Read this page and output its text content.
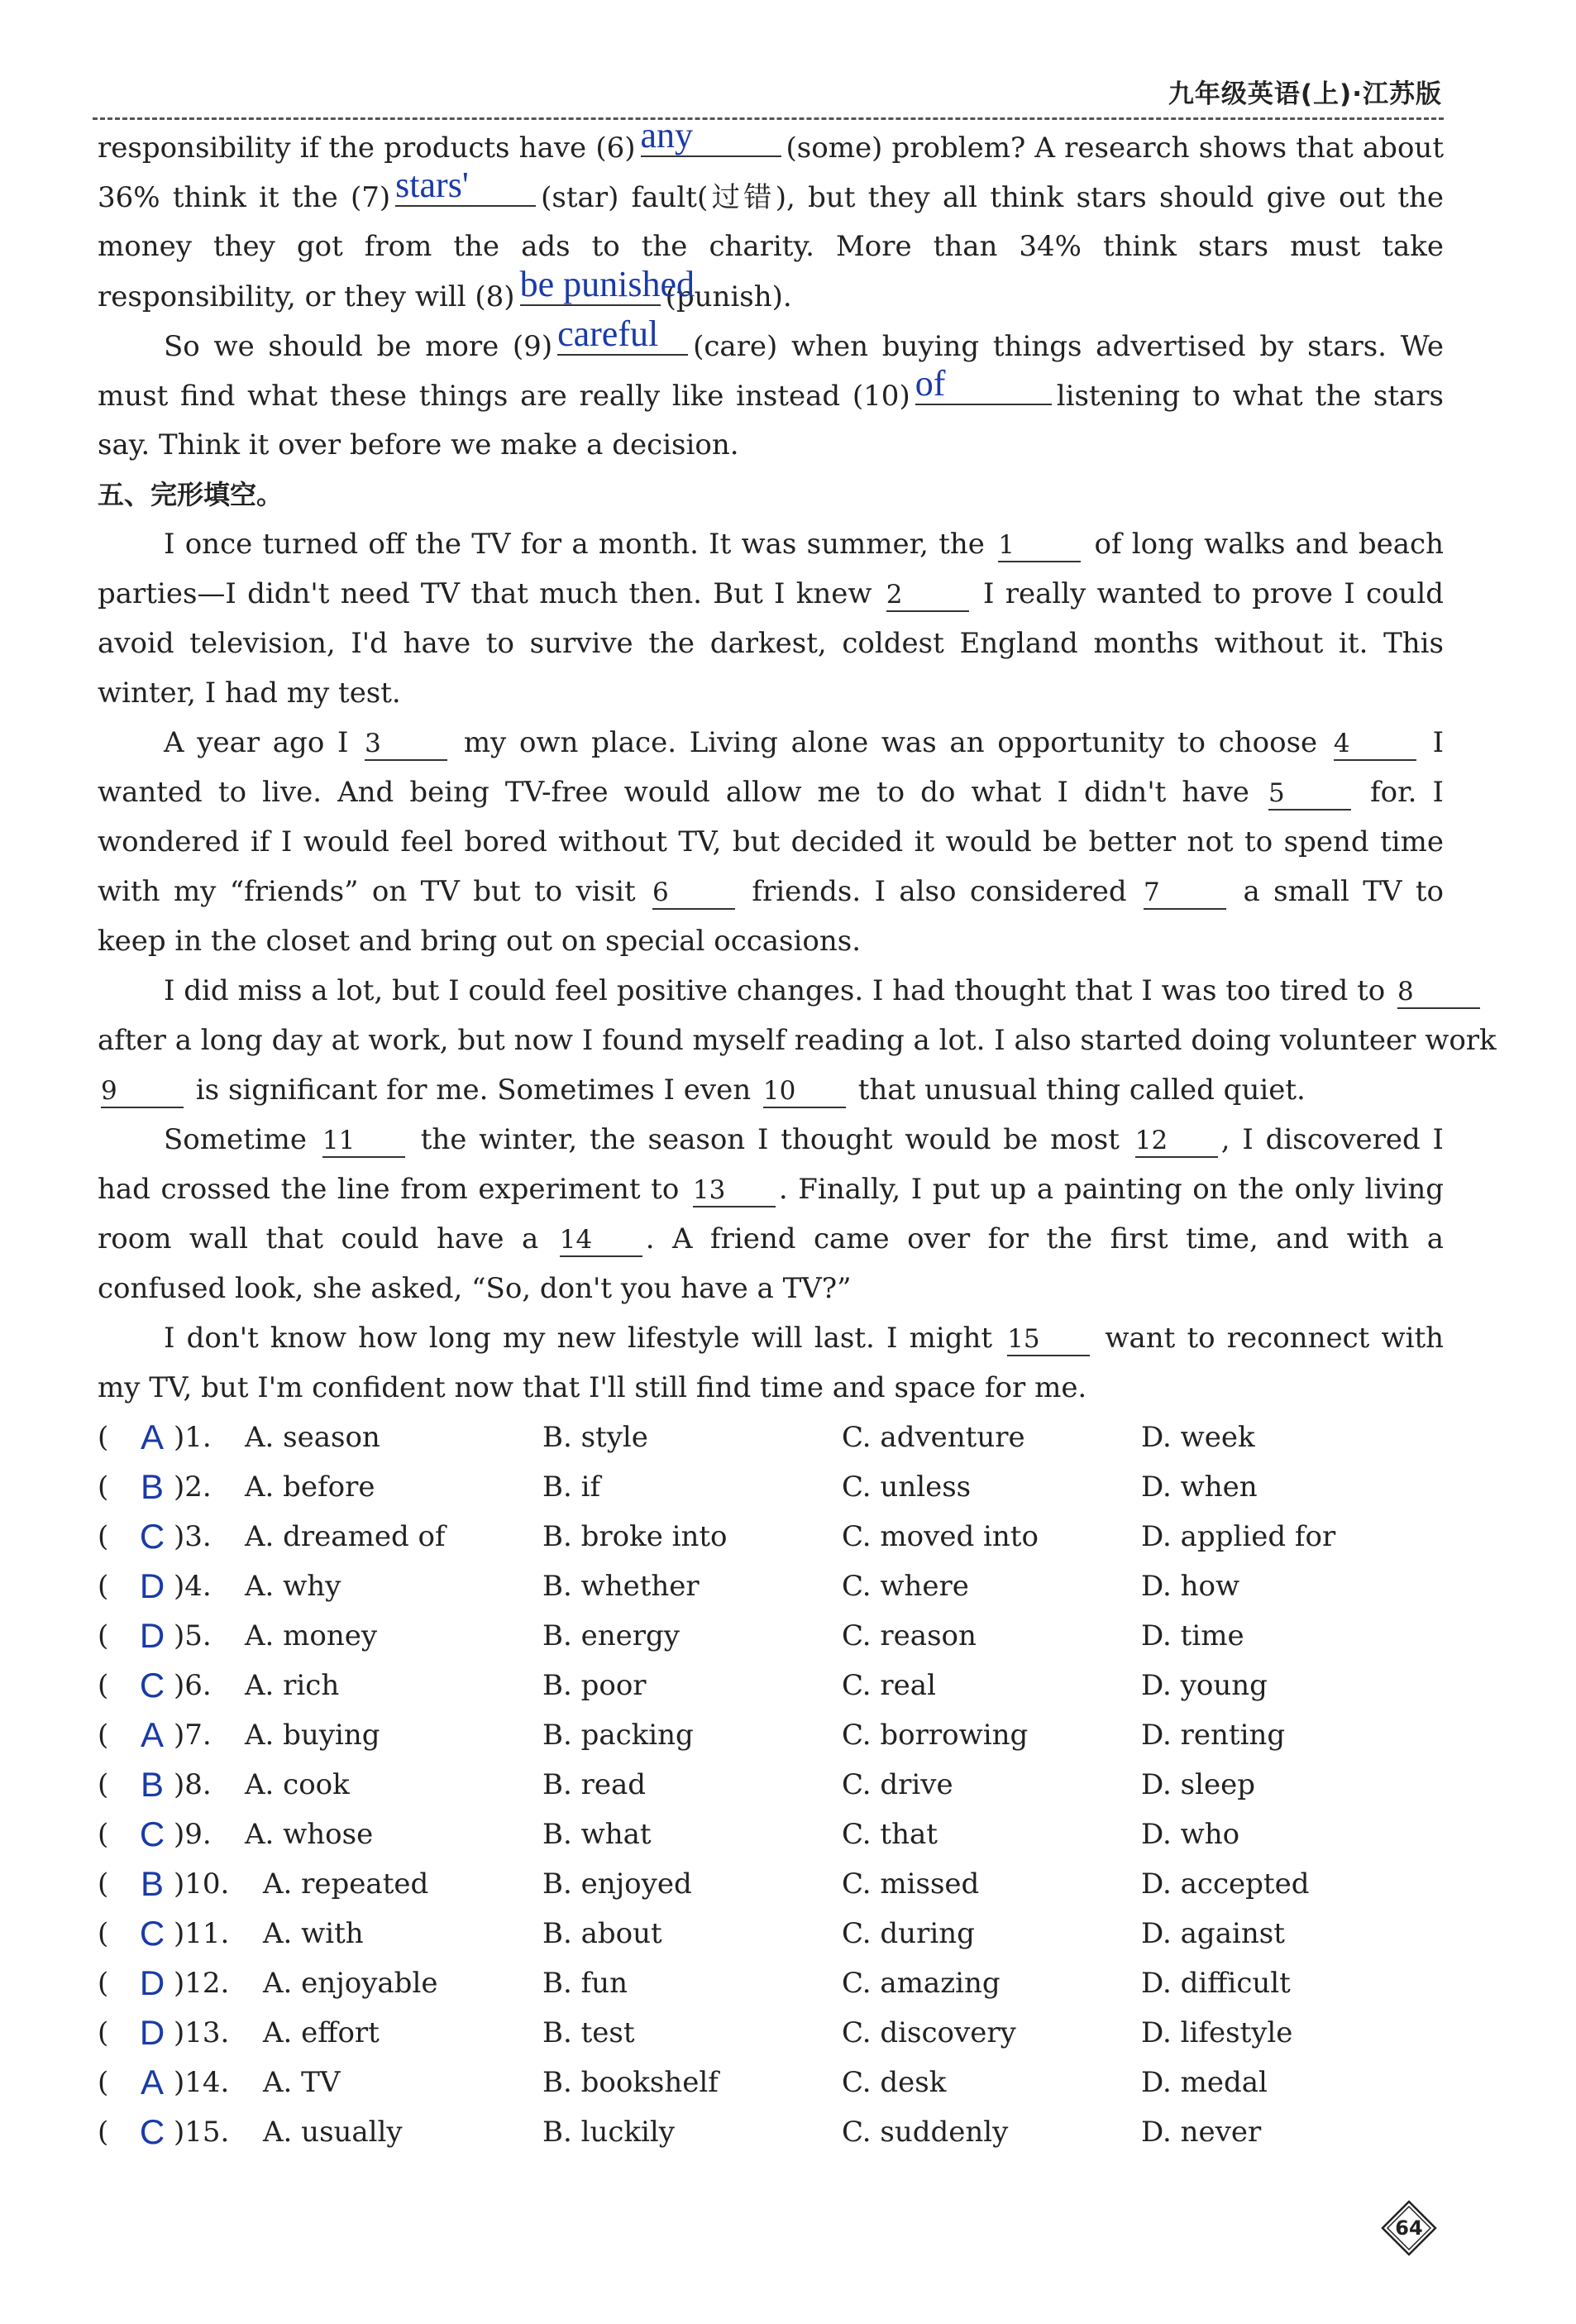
九年级英语(上)·江苏版
responsibility if the products have (6) any	(some) problem? A research shows that about
36% think it the (7) stars'	(star) fault(过错), but they all think stars should give out the
money they got from the ads to the charity. More than 34% think stars must take
responsibility, or they will (8) be punished
(punish).
So we should be more (9) careful	(care) when buying things advertised by stars. We
must find what these things are really like instead (10) of	listening to what the stars
say. Think it over before we make a decision.
五、完形填空。
I once turned off the TV for a month. It was summer, the 1 of long walks and beach
parties—I didn't need TV that much then. But I knew 2 I really wanted to prove I could
avoid television, I'd have to survive the darkest, coldest England months without it. This
winter, I had my test.
A year ago I 3 my own place. Living alone was an opportunity to choose 4 I
wanted to live. And being TV-free would allow me to do what I didn't have 5 for. I
wondered if I would feel bored without TV, but decided it would be better not to spend time
with my “friends” on TV but to visit 6 friends. I also considered 7 a small TV to
keep in the closet and bring out on special occasions.
I did miss a lot, but I could feel positive changes. I had thought that I was too tired to 8
after a long day at work, but now I found myself reading a lot. I also started doing volunteer work
9 is significant for me. Sometimes I even 10 that unusual thing called quiet.
Sometime 11 the winter, the season I thought would be most 12 , I discovered I
had crossed the line from experiment to 13 . Finally, I put up a painting on the only living
room wall that could have a 14 . A friend came over for the first time, and with a
confused look, she asked, “So, don't you have a TV?”
I don't know how long my new lifestyle will last. I might 15 want to reconnect with
my TV, but I'm confident now that I'll still find time and space for me.
( A )1. A. season	B. style	C. adventure	D. week
( B )2. A. before	B. if	C. unless	D. when
( C )3. A. dreamed of	B. broke into	C. moved into	D. applied for
( D )4. A. why	B. whether	C. where	D. how
( D )5. A. money	B. energy	C. reason	D. time
( C )6. A. rich	B. poor	C. real	D. young
( A )7. A. buying	B. packing	C. borrowing	D. renting
( B )8. A. cook	B. read	C. drive	D. sleep
( C )9. A. whose	B. what	C. that	D. who
( B )10. A. repeated	B. enjoyed	C. missed	D. accepted
( C )11. A. with	B. about	C. during	D. against
( D )12. A. enjoyable	B. fun	C. amazing	D. difficult
( D )13. A. effort	B. test	C. discovery	D. lifestyle
( A )14. A. TV	B. bookshelf	C. desk	D. medal
( C )15. A. usually	B. luckily	C. suddenly	D. never
64
